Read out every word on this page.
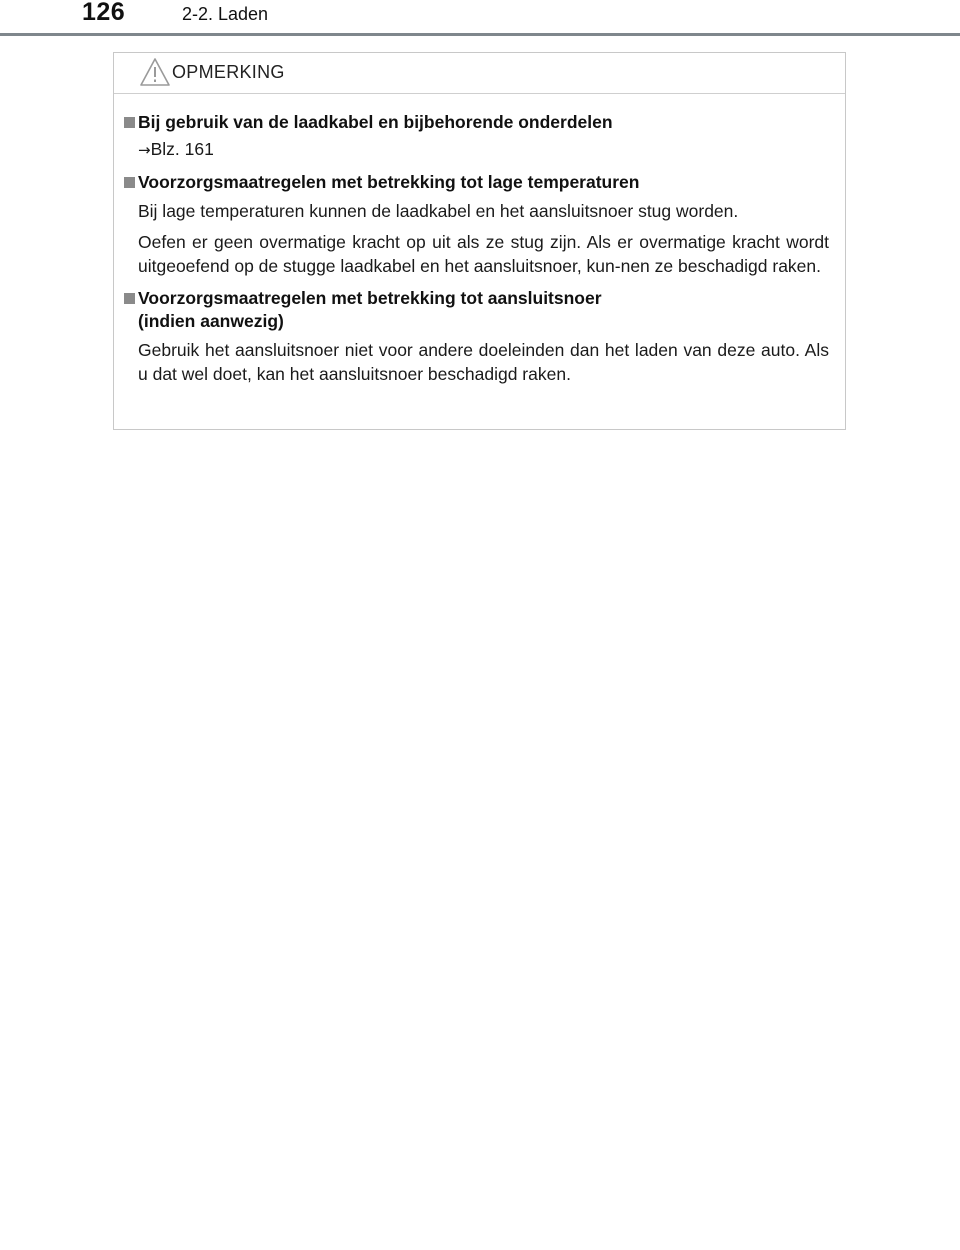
126	2-2. Laden
OPMERKING
Bij gebruik van de laadkabel en bijbehorende onderdelen
→Blz. 161
Voorzorgsmaatregelen met betrekking tot lage temperaturen
Bij lage temperaturen kunnen de laadkabel en het aansluitsnoer stug worden.
Oefen er geen overmatige kracht op uit als ze stug zijn. Als er overmatige kracht wordt uitgeoefend op de stugge laadkabel en het aansluitsnoer, kun-nen ze beschadigd raken.
Voorzorgsmaatregelen met betrekking tot aansluitsnoer
(indien aanwezig)
Gebruik het aansluitsnoer niet voor andere doeleinden dan het laden van deze auto. Als u dat wel doet, kan het aansluitsnoer beschadigd raken.
